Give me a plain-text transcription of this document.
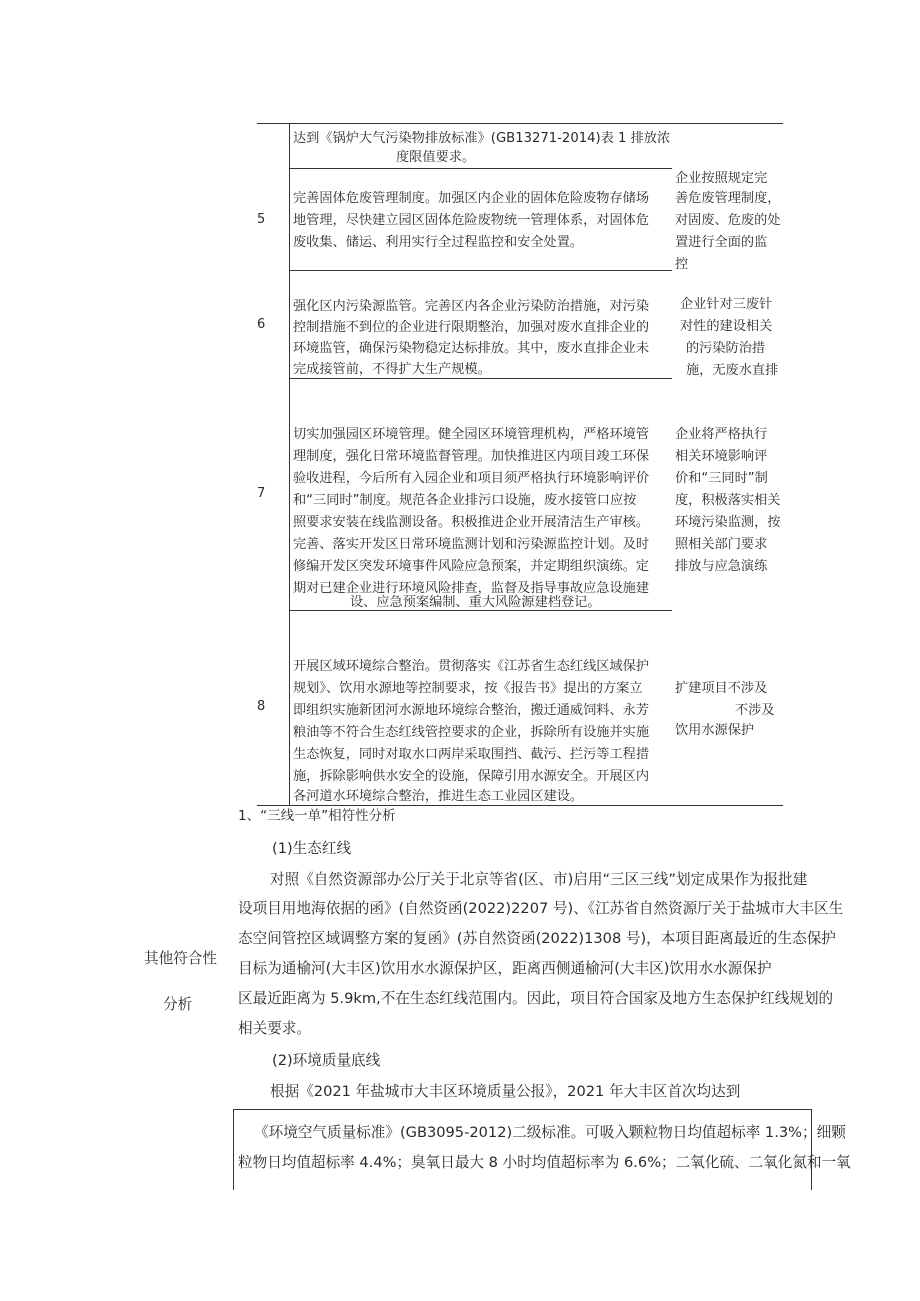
达到《锅炉大气污染物排放标准》(GB13271-2014)表 1 排放浓
度限值要求。
5
完善固体危废管理制度。加强区内企业的固体危险废物存储场
地管理，尽快建立园区固体危险废物统一管理体系，对固体危
废收集、储运、利用实行全过程监控和安全处置。
企业按照规定完
善危废管理制度，
对固废、危废的处
置进行全面的监
控
6
强化区内污染源监管。完善区内各企业污染防治措施，对污染
控制措施不到位的企业进行限期整治，加强对废水直排企业的
环境监管，确保污染物稳定达标排放。其中，废水直排企业未
完成接管前，不得扩大生产规模。
企业针对三废针
对性的建设相关
的污染防治措
施，无废水直排
7
切实加强园区环境管理。健全园区环境管理机构，严格环境管
理制度，强化日常环境监督管理。加快推进区内项目竣工环保
验收进程，今后所有入园企业和项目须严格执行环境影响评价
和“三同时”制度。规范各企业排污口设施，废水接管口应按
照要求安装在线监测设备。积极推进企业开展清洁生产审核。
完善、落实开发区日常环境监测计划和污染源监控计划。及时
修编开发区突发环境事件风险应急预案，并定期组织演练。定
期对已建企业进行环境风险排查，监督及指导事故应急设施建
设、应急预案编制、重大风险源建档登记。
企业将严格执行
相关环境影响评
价和“三同时”制
度，积极落实相关
环境污染监测，按
照相关部门要求
排放与应急演练
8
开展区域环境综合整治。贯彻落实《江苏省生态红线区域保护
规划》、饮用水源地等控制要求，按《报告书》提出的方案立
即组织实施新团河水源地环境综合整治，搬迁通威饲料、永芳
粮油等不符合生态红线管控要求的企业，拆除所有设施并实施
生态恢复，同时对取水口两岸采取围挡、截污、拦污等工程措
施，拆除影响供水安全的设施，保障引用水源安全。开展区内
各河道水环境综合整治，推进生态工业园区建设。
扩建项目不涉及
不涉及
饮用水源保护
其他符合性
分析
1、“三线一单”相符性分析
(1)生态红线
对照《自然资源部办公厅关于北京等省(区、市)启用“三区三线”划定成果作为报批建
设项目用地海依据的函》(自然资函(2022)2207 号)、《江苏省自然资源厅关于盐城市大丰区生
态空间管控区域调整方案的复函》(苏自然资函(2022)1308 号)，本项目距离最近的生态保护
目标为通榆河(大丰区)饮用水水源保护区，距离西侧通榆河(大丰区)饮用水水源保护
区最近距离为 5.9km,不在生态红线范围内。因此，项目符合国家及地方生态保护红线规划的
相关要求。
(2)环境质量底线
根据《2021 年盐城市大丰区环境质量公报》，2021 年大丰区首次均达到
《环境空气质量标准》(GB3095-2012)二级标准。可吸入颗粒物日均值超标率 1.3%；细颗
粒物日均值超标率 4.4%；臭氧日最大 8 小时均值超标率为 6.6%；二氧化硫、二氧化氮和一氧
